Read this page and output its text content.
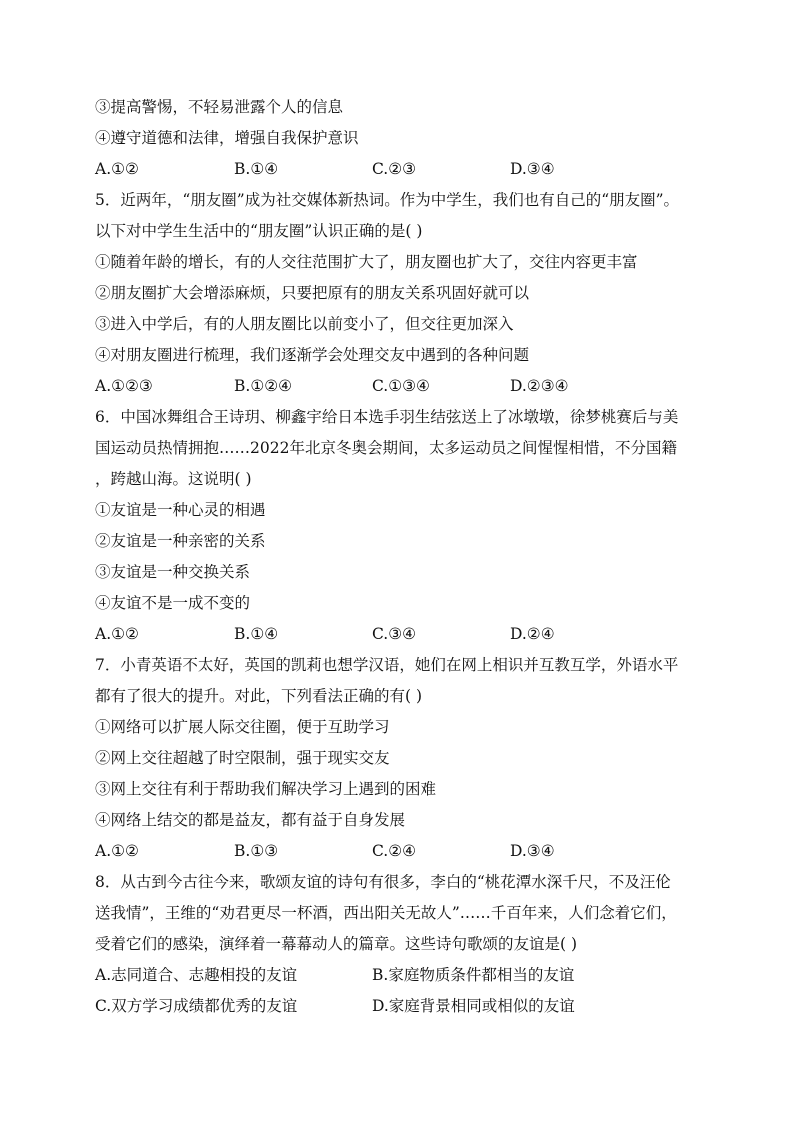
③提高警惕，不轻易泄露个人的信息
④遵守道德和法律，增强自我保护意识
A.①②	B.①④	C.②③	D.③④
5．近两年，“朋友圈”成为社交媒体新热词。作为中学生，我们也有自己的“朋友圈”。
以下对中学生生活中的“朋友圈”认识正确的是( )
①随着年龄的增长，有的人交往范围扩大了，朋友圈也扩大了，交往内容更丰富
②朋友圈扩大会增添麻烦，只要把原有的朋友关系巩固好就可以
③进入中学后，有的人朋友圈比以前变小了，但交往更加深入
④对朋友圈进行梳理，我们逐渐学会处理交友中遇到的各种问题
A.①②③	B.①②④	C.①③④	D.②③④
6．中国冰舞组合王诗玥、柳鑫宇给日本选手羽生结弦送上了冰墩墩，徐梦桃赛后与美
国运动员热情拥抱……2022年北京冬奥会期间，太多运动员之间惺惺相惜，不分国籍
，跨越山海。这说明( )
①友谊是一种心灵的相遇
②友谊是一种亲密的关系
③友谊是一种交换关系
④友谊不是一成不变的
A.①②	B.①④	C.③④	D.②④
7．小青英语不太好，英国的凯莉也想学汉语，她们在网上相识并互教互学，外语水平
都有了很大的提升。对此，下列看法正确的有( )
①网络可以扩展人际交往圈，便于互助学习
②网上交往超越了时空限制，强于现实交友
③网上交往有利于帮助我们解决学习上遇到的困难
④网络上结交的都是益友，都有益于自身发展
A.①②	B.①③	C.②④	D.③④
8．从古到今古往今来，歌颂友谊的诗句有很多，李白的“桃花潭水深千尺，不及汪伦
送我情”，王维的“劝君更尽一杯酒，西出阳关无故人”……千百年来，人们念着它们，
受着它们的感染，演绎着一幕幕动人的篇章。这些诗句歌颂的友谊是( )
A.志同道合、志趣相投的友谊	B.家庭物质条件都相当的友谊
C.双方学习成绩都优秀的友谊	D.家庭背景相同或相似的友谊
